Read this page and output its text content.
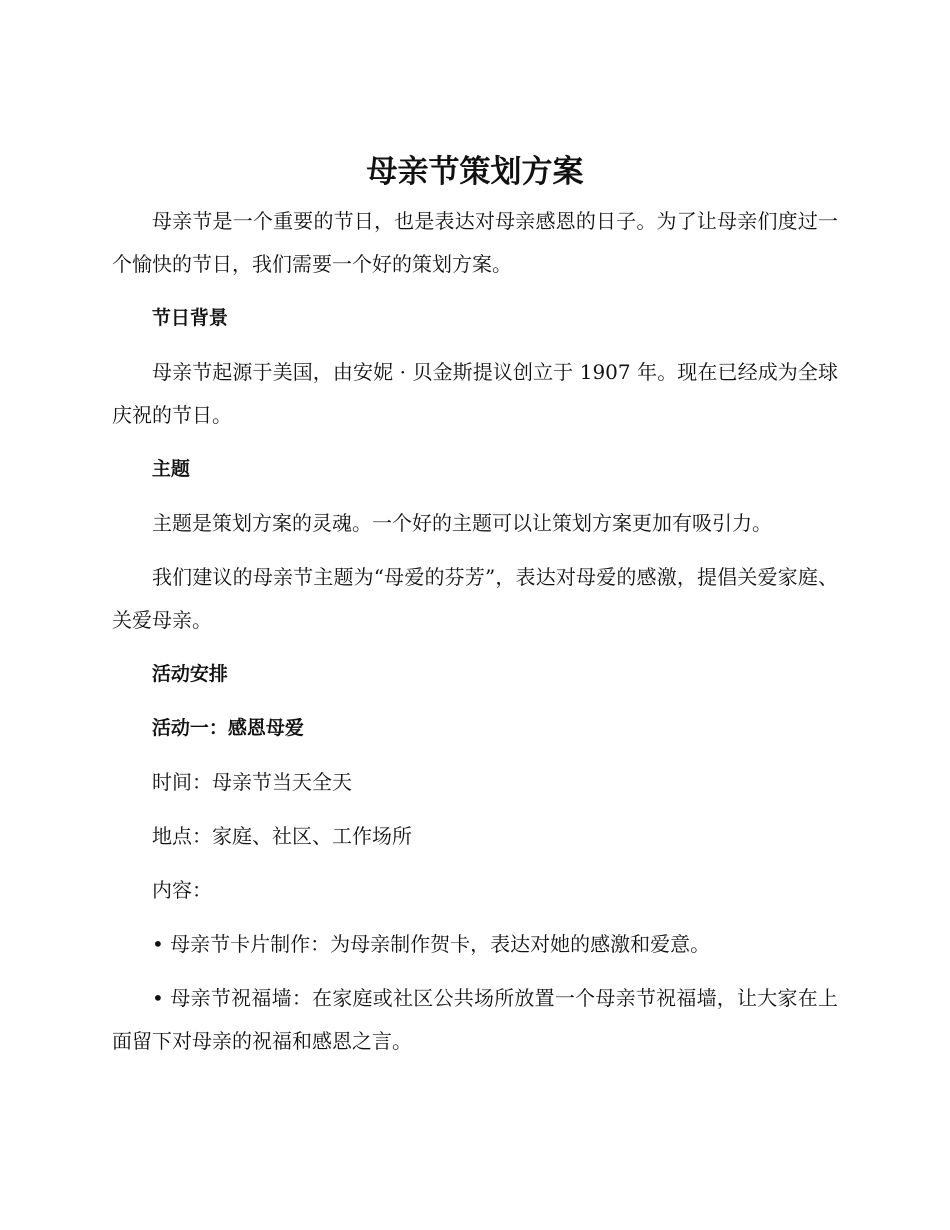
母亲节策划方案

母亲节是一个重要的节日，也是表达对母亲感恩的日子。为了让母亲们度过一个愉快的节日，我们需要一个好的策划方案。

节日背景

母亲节起源于美国，由安妮 · 贝金斯提议创立于 1907 年。现在已经成为全球庆祝的节日。

主题

主题是策划方案的灵魂。一个好的主题可以让策划方案更加有吸引力。

我们建议的母亲节主题为“母爱的芬芳”，表达对母爱的感激，提倡关爱家庭、关爱母亲。

活动安排
活动一：感恩母爱

时间：母亲节当天全天

地点：家庭、社区、工作场所

内容：

• 母亲节卡片制作：为母亲制作贺卡，表达对她的感激和爱意。

• 母亲节祝福墙：在家庭或社区公共场所放置一个母亲节祝福墙，让大家在上面留下对母亲的祝福和感恩之言。
